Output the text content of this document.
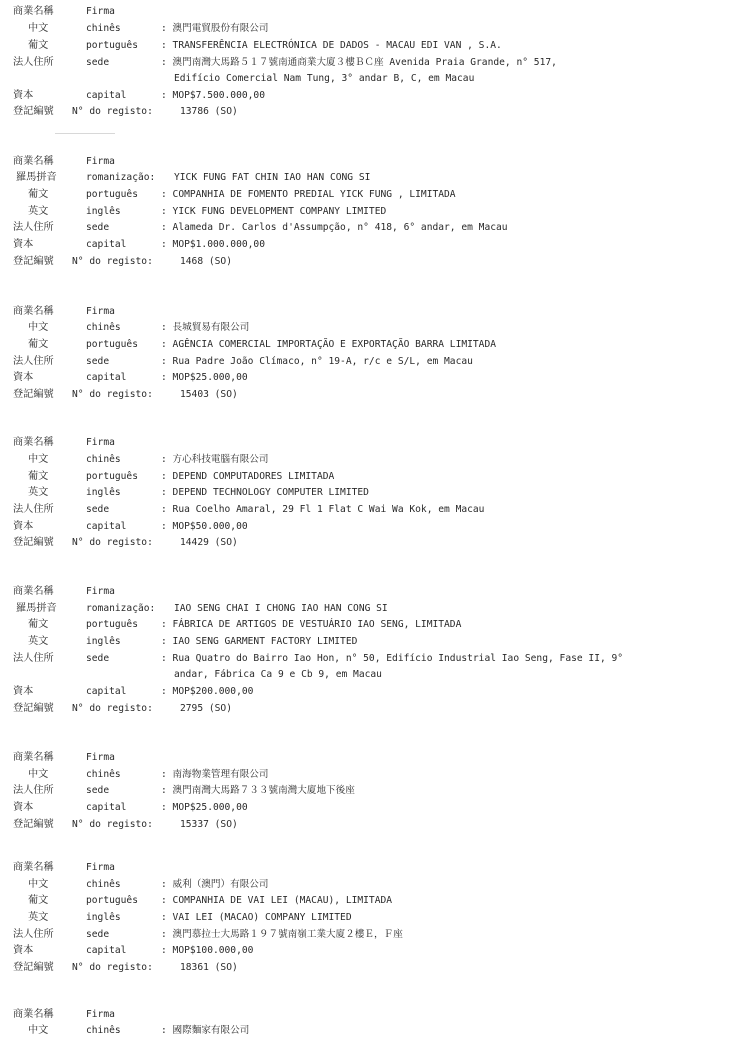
商業名稱	Firma
中文	chinês	: 澳門電貿股份有限公司
葡文	português : TRANSFERÊNCIA ELECTRÓNICA DE DADOS - MACAU EDI VAN , S.A.
法人住所	sede	: 澳門南灣大馬路５１７號南通商業大廈３樓ＢＣ座 Avenida Praia Grande, n° 517,
Edifício Comercial Nam Tung, 3° andar B, C, em Macau
資本	capital	: MOP$7.500.000,00
登記編號 N° do registo:	13786 (SO)
商業名稱	Firma
羅馬拼音	romanização: YICK FUNG FAT CHIN IAO HAN CONG SI
葡文	português : COMPANHIA DE FOMENTO PREDIAL YICK FUNG , LIMITADA
英文	inglês	: YICK FUNG DEVELOPMENT COMPANY LIMITED
法人住所	sede	: Alameda Dr. Carlos d'Assumpção, n° 418, 6° andar, em Macau
資本	capital	: MOP$1.000.000,00
登記編號 N° do registo:	1468 (SO)
商業名稱	Firma
中文	chinês	: 長城貿易有限公司
葡文	português : AGÊNCIA COMERCIAL IMPORTAÇÃO E EXPORTAÇÃO BARRA LIMITADA
法人住所	sede	: Rua Padre João Clímaco, n° 19-A, r/c e S/L, em Macau
資本	capital	: MOP$25.000,00
登記編號 N° do registo:	15403 (SO)
商業名稱	Firma
中文	chinês	: 方心科技電腦有限公司
葡文	português : DEPEND COMPUTADORES LIMITADA
英文	inglês	: DEPEND TECHNOLOGY COMPUTER LIMITED
法人住所	sede	: Rua Coelho Amaral, 29 Fl 1 Flat C Wai Wa Kok, em Macau
資本	capital	: MOP$50.000,00
登記編號 N° do registo:	14429 (SO)
商業名稱	Firma
羅馬拼音	romanização: IAO SENG CHAI I CHONG IAO HAN CONG SI
葡文	português : FÁBRICA DE ARTIGOS DE VESTUÁRIO IAO SENG, LIMITADA
英文	inglês	: IAO SENG GARMENT FACTORY LIMITED
法人住所	sede	: Rua Quatro do Bairro Iao Hon, n° 50, Edifício Industrial Iao Seng, Fase II, 9°
andar, Fábrica Ca 9 e Cb 9, em Macau
資本	capital	: MOP$200.000,00
登記編號 N° do registo:	2795 (SO)
商業名稱	Firma
中文	chinês	: 南海物業管理有限公司
法人住所	sede	: 澳門南灣大馬路７３３號南灣大廈地下後座
資本	capital	: MOP$25.000,00
登記編號 N° do registo:	15337 (SO)
商業名稱	Firma
中文	chinês	: 威利（澳門）有限公司
葡文	português : COMPANHIA DE VAI LEI (MACAU), LIMITADA
英文	inglês	: VAI LEI (MACAO) COMPANY LIMITED
法人住所	sede	: 澳門慕拉士大馬路１９７號南嶺工業大廈２樓Ｅ，Ｆ座
資本	capital	: MOP$100.000,00
登記編號 N° do registo:	18361 (SO)
商業名稱	Firma
中文	chinês	: 國際麵家有限公司
